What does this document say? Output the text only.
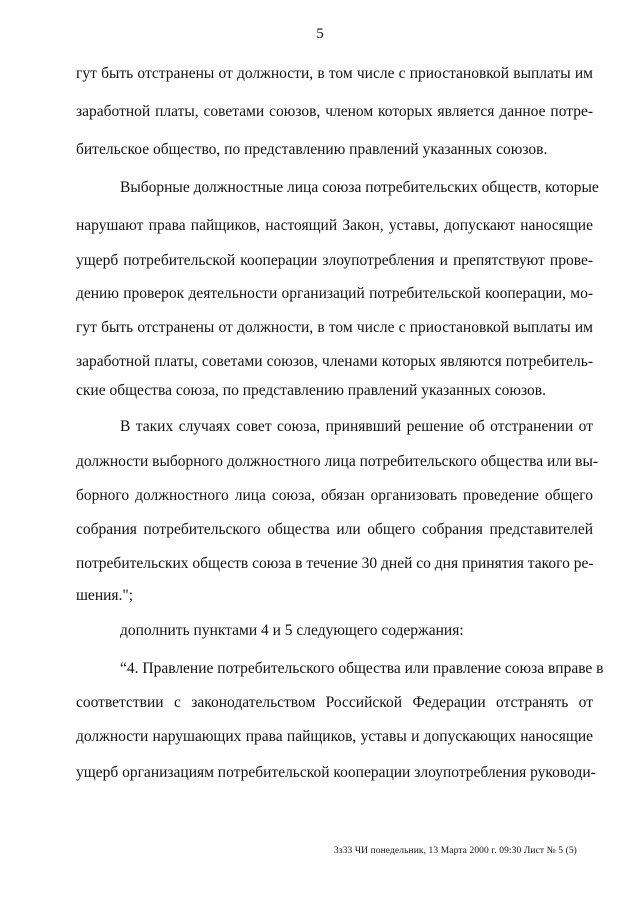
5
гут быть отстранены от должности, в том числе с приостановкой выплаты им
заработной платы, советами союзов, членом которых является данное потре-
бительское общество, по представлению правлений указанных союзов.
Выборные должностные лица союза потребительских обществ, которые
нарушают права пайщиков, настоящий Закон, уставы, допускают наносящие
ущерб потребительской кооперации злоупотребления и препятствуют прове-
дению проверок деятельности организаций потребительской кооперации, мо-
гут быть отстранены от должности, в том числе с приостановкой выплаты им
заработной платы, советами союзов, членами которых являются потребитель-
ские общества союза, по представлению правлений указанных союзов.
В таких случаях совет союза, принявший решение об отстранении от
должности выборного должностного лица потребительского общества или вы-
борного должностного лица союза, обязан организовать проведение общего
собрания потребительского общества или общего собрания представителей
потребительских обществ союза в течение 30 дней со дня принятия такого ре-
шения.";
дополнить пунктами 4 и 5 следующего содержания:
“4. Правление потребительского общества или правление союза вправе в
соответствии с законодательством Российской Федерации отстранять от
должности нарушающих права пайщиков, уставы и допускающих наносящие
ущерб организациям потребительской кооперации злоупотребления руководи-
3з33 ЧИ понедельник, 13 Марта 2000 г. 09:30 Лист № 5 (5)
